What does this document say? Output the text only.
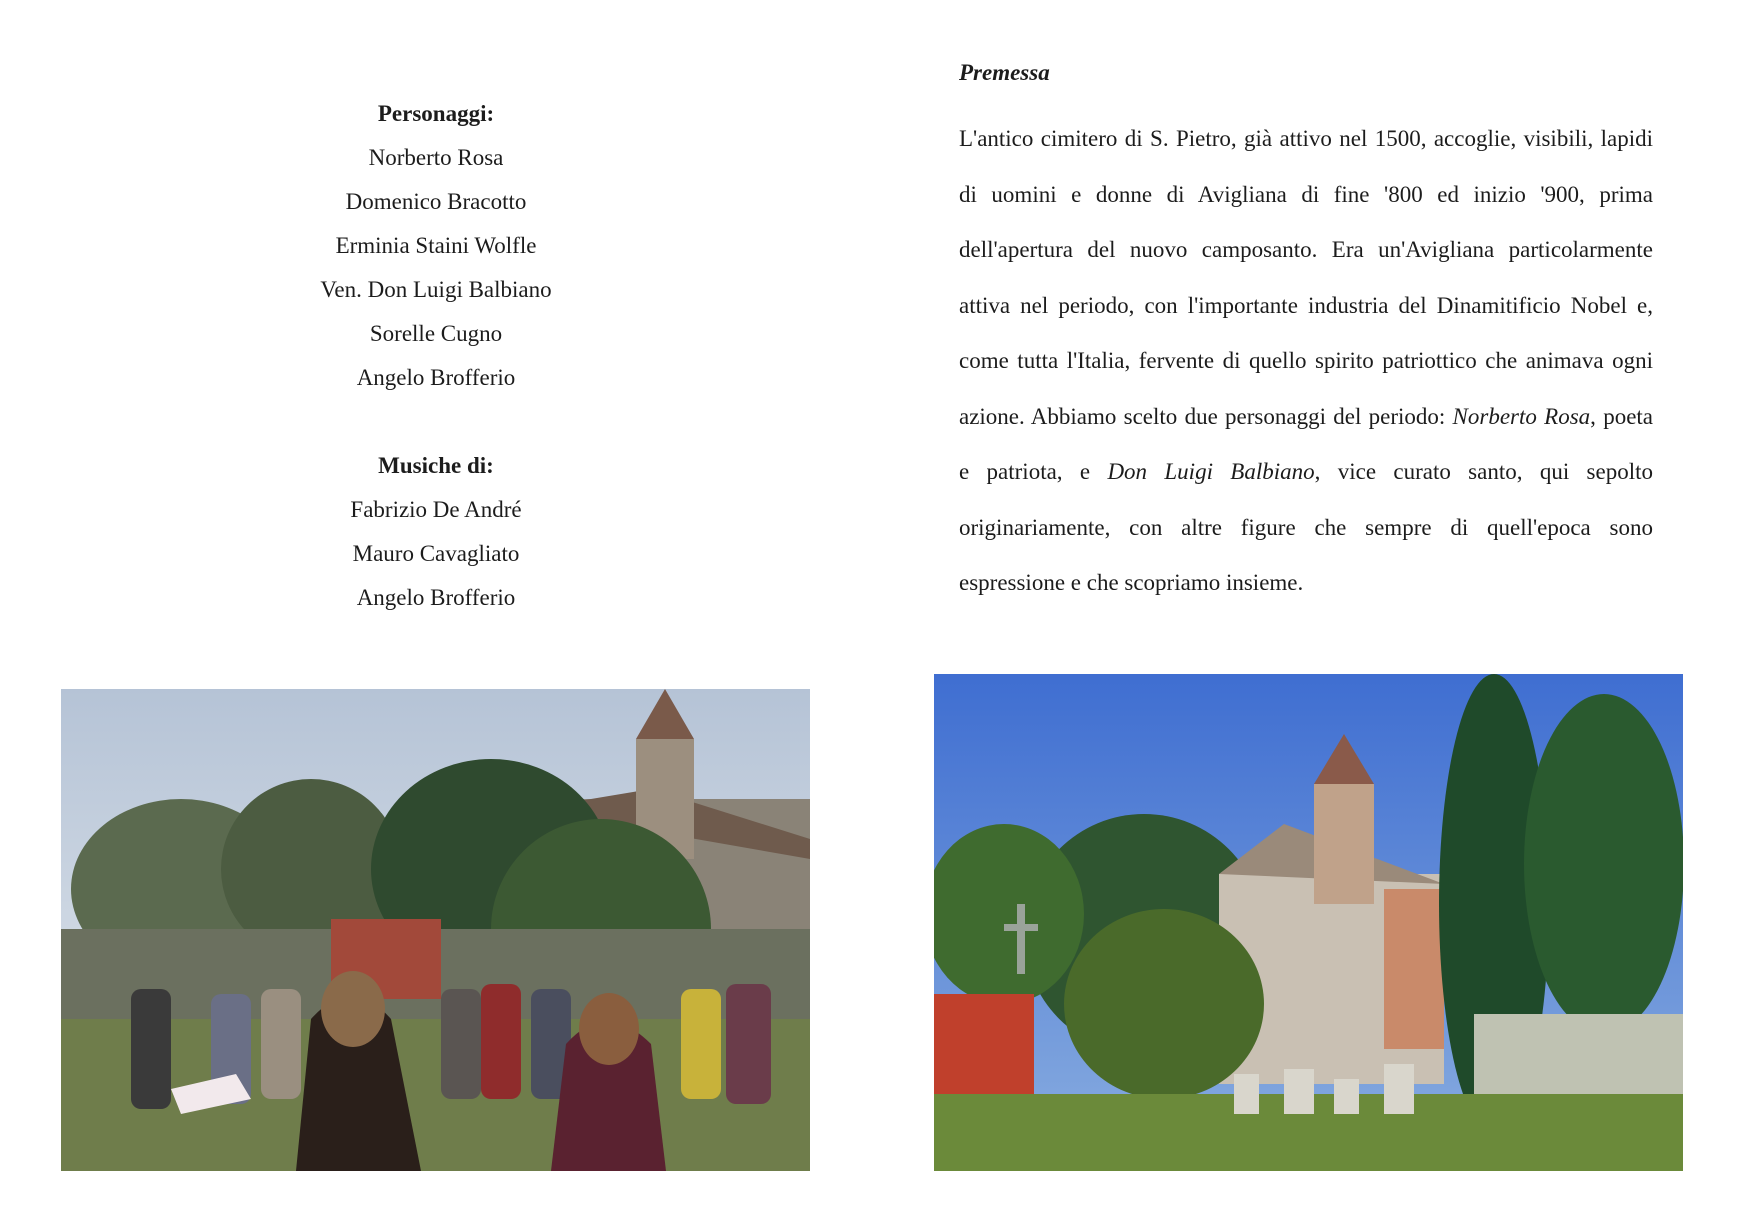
Personaggi:
Norberto Rosa
Domenico Bracotto
Erminia Staini Wolfle
Ven. Don Luigi Balbiano
Sorelle Cugno
Angelo Brofferio
Musiche di:
Fabrizio De André
Mauro Cavagliato
Angelo Brofferio

Premessa

L'antico cimitero di S. Pietro, già attivo nel 1500, accoglie, visibili, lapidi di uomini e donne di Avigliana di fine '800 ed inizio '900, prima dell'apertura del nuovo camposanto. Era un'Avigliana particolarmente attiva nel periodo, con l'importante industria del Dinamitificio Nobel e, come tutta l'Italia, fervente di quello spirito patriottico che animava ogni azione. Abbiamo scelto due personaggi del periodo: Norberto Rosa, poeta e patriota, e Don Luigi Balbiano, vice curato santo, qui sepolto originariamente, con altre figure che sempre di quell'epoca sono espressione e che scopriamo insieme.
